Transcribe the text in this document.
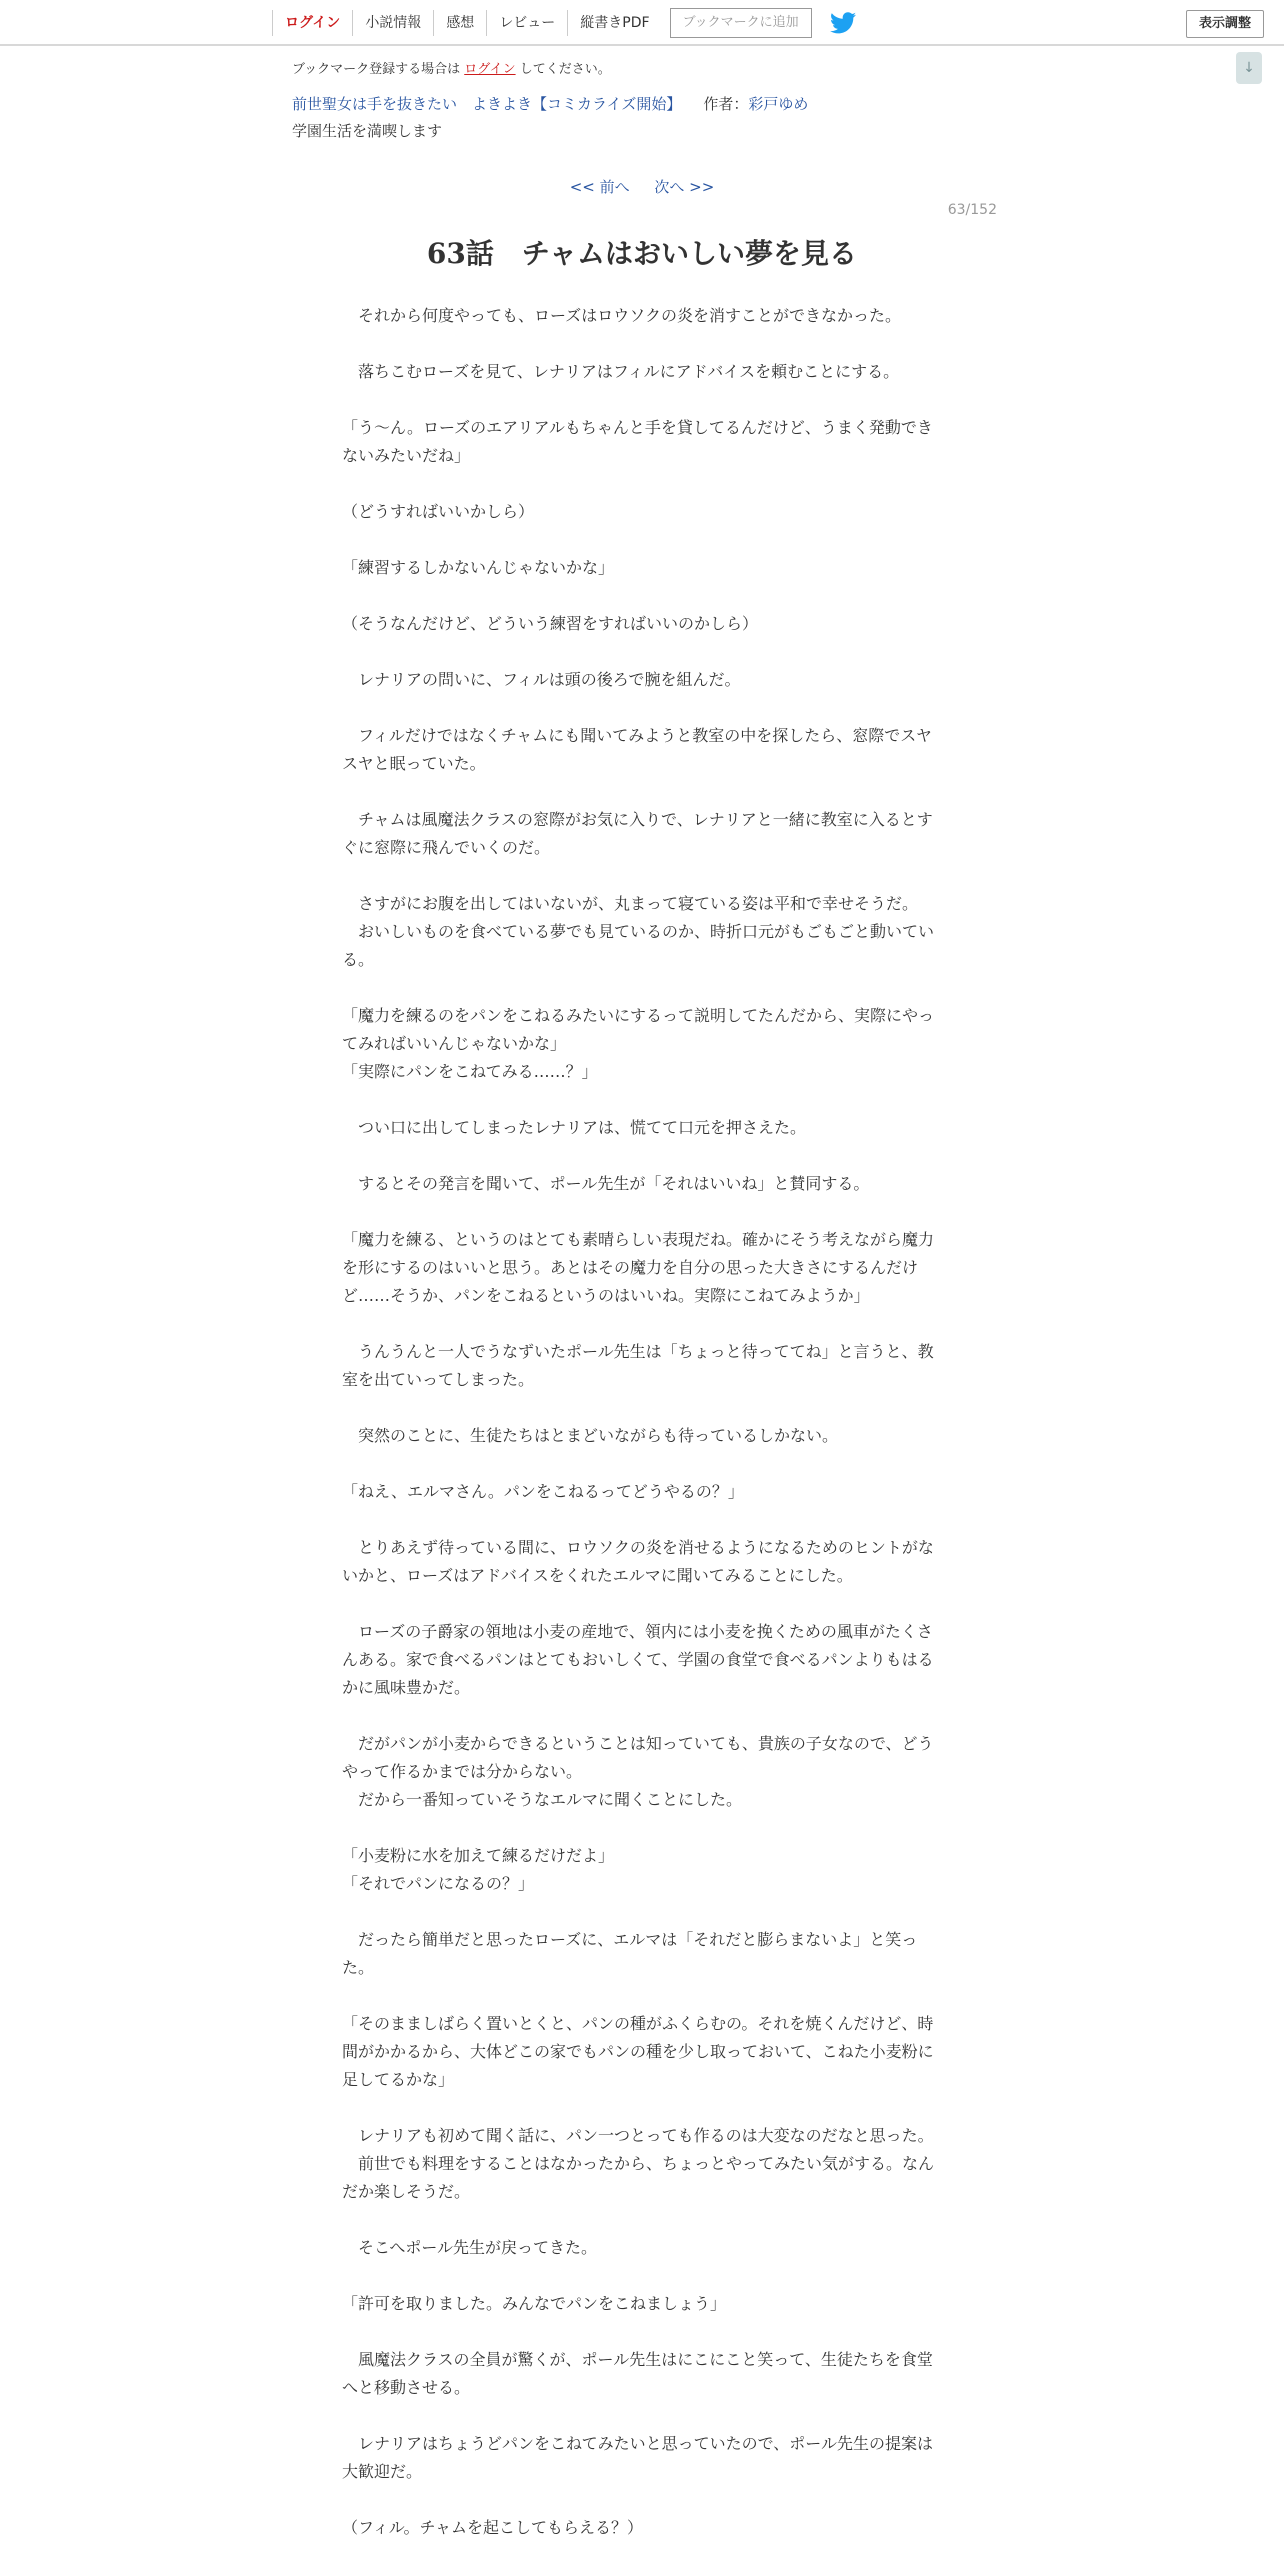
ログイン	小説情報	感想	レビュー	縦書きPDF	ブックマークに追加	表示調整
↓
ブックマーク登録する場合は ログイン してください。
前世聖女は手を抜きたい　よきよき【コミカライズ開始】 作者： 彩戸ゆめ
学園生活を満喫します
<< 前へ 次へ >>
63/152
63話　チャムはおいしい夢を見る

　それから何度やっても、ローズはロウソクの炎を消すことができなかった。

　落ちこむローズを見て、レナリアはフィルにアドバイスを頼むことにする。

「う～ん。ローズのエアリアルもちゃんと手を貸してるんだけど、うまく発動できないみたいだね」

（どうすればいいかしら）

「練習するしかないんじゃないかな」

（そうなんだけど、どういう練習をすればいいのかしら）

　レナリアの問いに、フィルは頭の後ろで腕を組んだ。

　フィルだけではなくチャムにも聞いてみようと教室の中を探したら、窓際でスヤスヤと眠っていた。

　チャムは風魔法クラスの窓際がお気に入りで、レナリアと一緒に教室に入るとすぐに窓際に飛んでいくのだ。

　さすがにお腹を出してはいないが、丸まって寝ている姿は平和で幸せそうだ。

　おいしいものを食べている夢でも見ているのか、時折口元がもごもごと動いている。

「魔力を練るのをパンをこねるみたいにするって説明してたんだから、実際にやってみればいいんじゃないかな」

「実際にパンをこねてみる……？」

　つい口に出してしまったレナリアは、慌てて口元を押さえた。

　するとその発言を聞いて、ポール先生が「それはいいね」と賛同する。

「魔力を練る、というのはとても素晴らしい表現だね。確かにそう考えながら魔力を形にするのはいいと思う。あとはその魔力を自分の思った大きさにするんだけど……そうか、パンをこねるというのはいいね。実際にこねてみようか」

　うんうんと一人でうなずいたポール先生は「ちょっと待っててね」と言うと、教室を出ていってしまった。

　突然のことに、生徒たちはとまどいながらも待っているしかない。

「ねえ、エルマさん。パンをこねるってどうやるの？」

　とりあえず待っている間に、ロウソクの炎を消せるようになるためのヒントがないかと、ローズはアドバイスをくれたエルマに聞いてみることにした。

　ローズの子爵家の領地は小麦の産地で、領内には小麦を挽くための風車がたくさんある。家で食べるパンはとてもおいしくて、学園の食堂で食べるパンよりもはるかに風味豊かだ。

　だがパンが小麦からできるということは知っていても、貴族の子女なので、どうやって作るかまでは分からない。

　だから一番知っていそうなエルマに聞くことにした。

「小麦粉に水を加えて練るだけだよ」

「それでパンになるの？」

　だったら簡単だと思ったローズに、エルマは「それだと膨らまないよ」と笑った。

「そのまましばらく置いとくと、パンの種がふくらむの。それを焼くんだけど、時間がかかるから、大体どこの家でもパンの種を少し取っておいて、こねた小麦粉に足してるかな」

　レナリアも初めて聞く話に、パン一つとっても作るのは大変なのだなと思った。

　前世でも料理をすることはなかったから、ちょっとやってみたい気がする。なんだか楽しそうだ。

　そこへポール先生が戻ってきた。

「許可を取りました。みんなでパンをこねましょう」

　風魔法クラスの全員が驚くが、ポール先生はにこにこと笑って、生徒たちを食堂へと移動させる。

　レナリアはちょうどパンをこねてみたいと思っていたので、ポール先生の提案は大歓迎だ。

（フィル。チャムを起こしてもらえる？）
